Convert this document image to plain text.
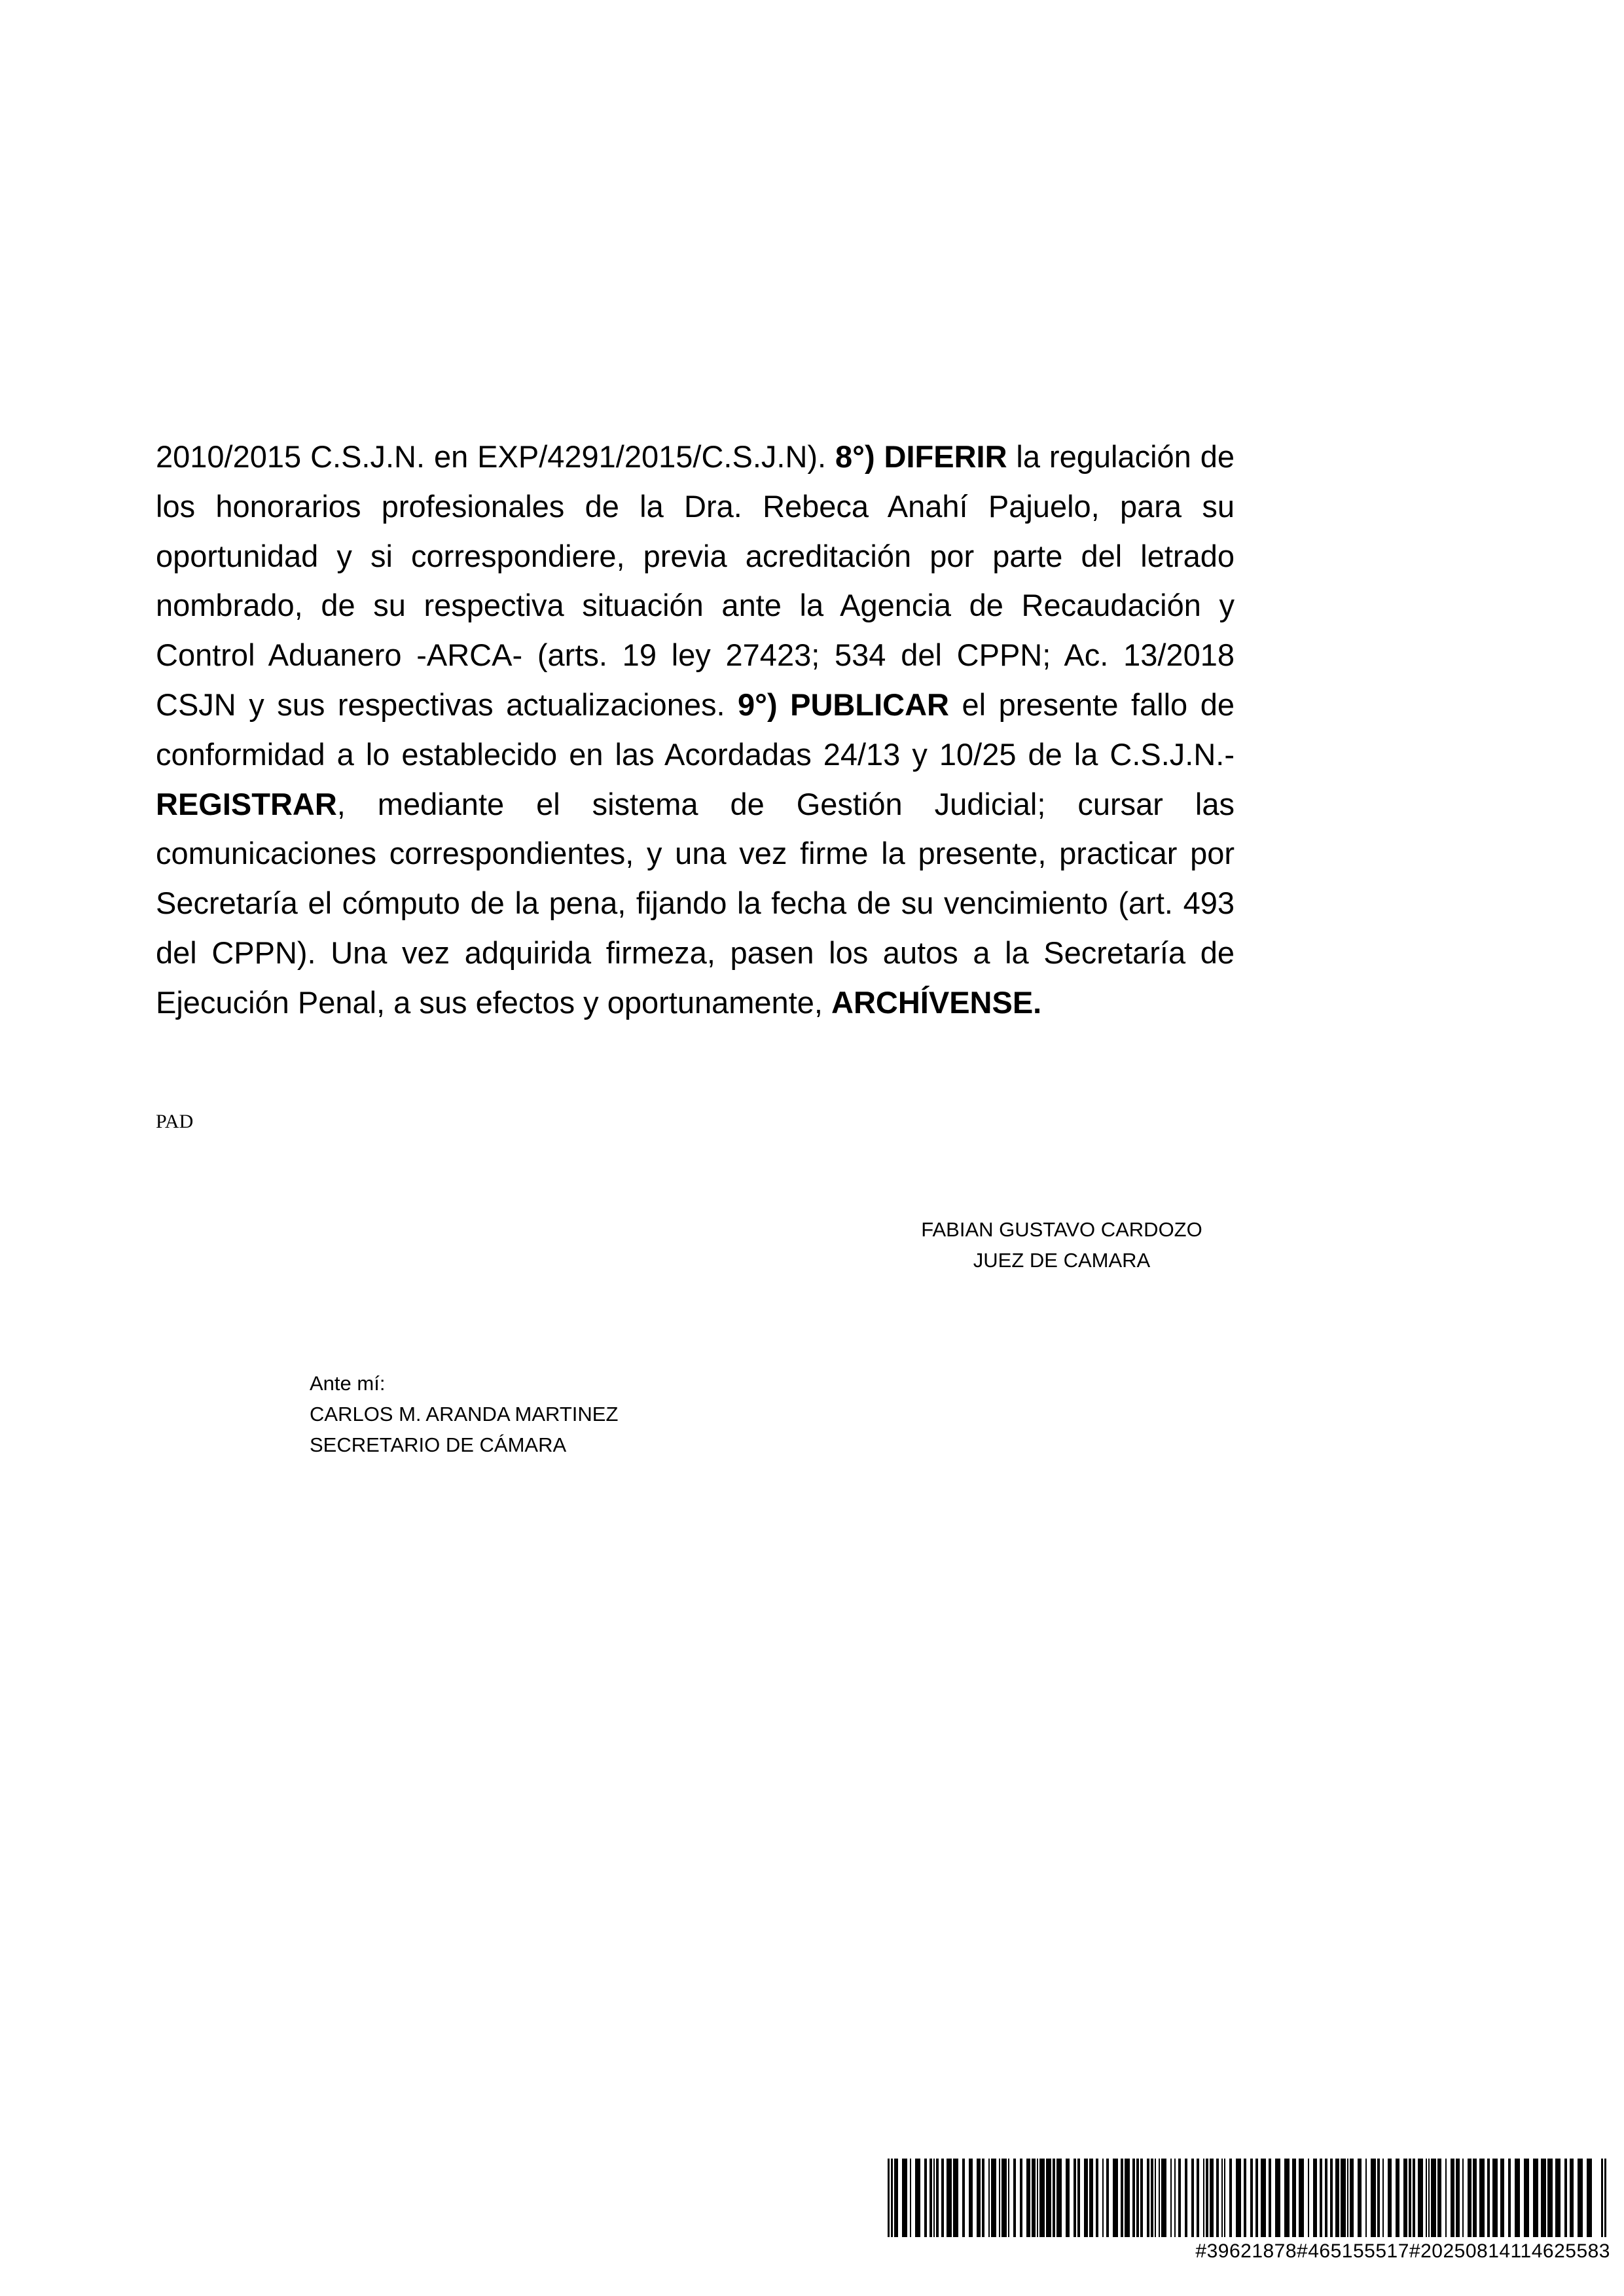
2010/2015 C.S.J.N. en EXP/4291/2015/C.S.J.N). 8°) DIFERIR la regulación de los honorarios profesionales de la Dra. Rebeca Anahí Pajuelo, para su oportunidad y si correspondiere, previa acreditación por parte del letrado nombrado, de su respectiva situación ante la Agencia de Recaudación y Control Aduanero -ARCA- (arts. 19 ley 27423; 534 del CPPN; Ac. 13/2018 CSJN y sus respectivas actualizaciones. 9°) PUBLICAR el presente fallo de conformidad a lo establecido en las Acordadas 24/13 y 10/25 de la C.S.J.N.- REGISTRAR, mediante el sistema de Gestión Judicial; cursar las comunicaciones correspondientes, y una vez firme la presente, practicar por Secretaría el cómputo de la pena, fijando la fecha de su vencimiento (art. 493 del CPPN). Una vez adquirida firmeza, pasen los autos a la Secretaría de Ejecución Penal, a sus efectos y oportunamente, ARCHÍVENSE.

PAD
FABIAN GUSTAVO CARDOZO
JUEZ DE CAMARA
Ante mí:
CARLOS M. ARANDA MARTINEZ
SECRETARIO DE CÁMARA
#39621878#465155517#20250814114625583
